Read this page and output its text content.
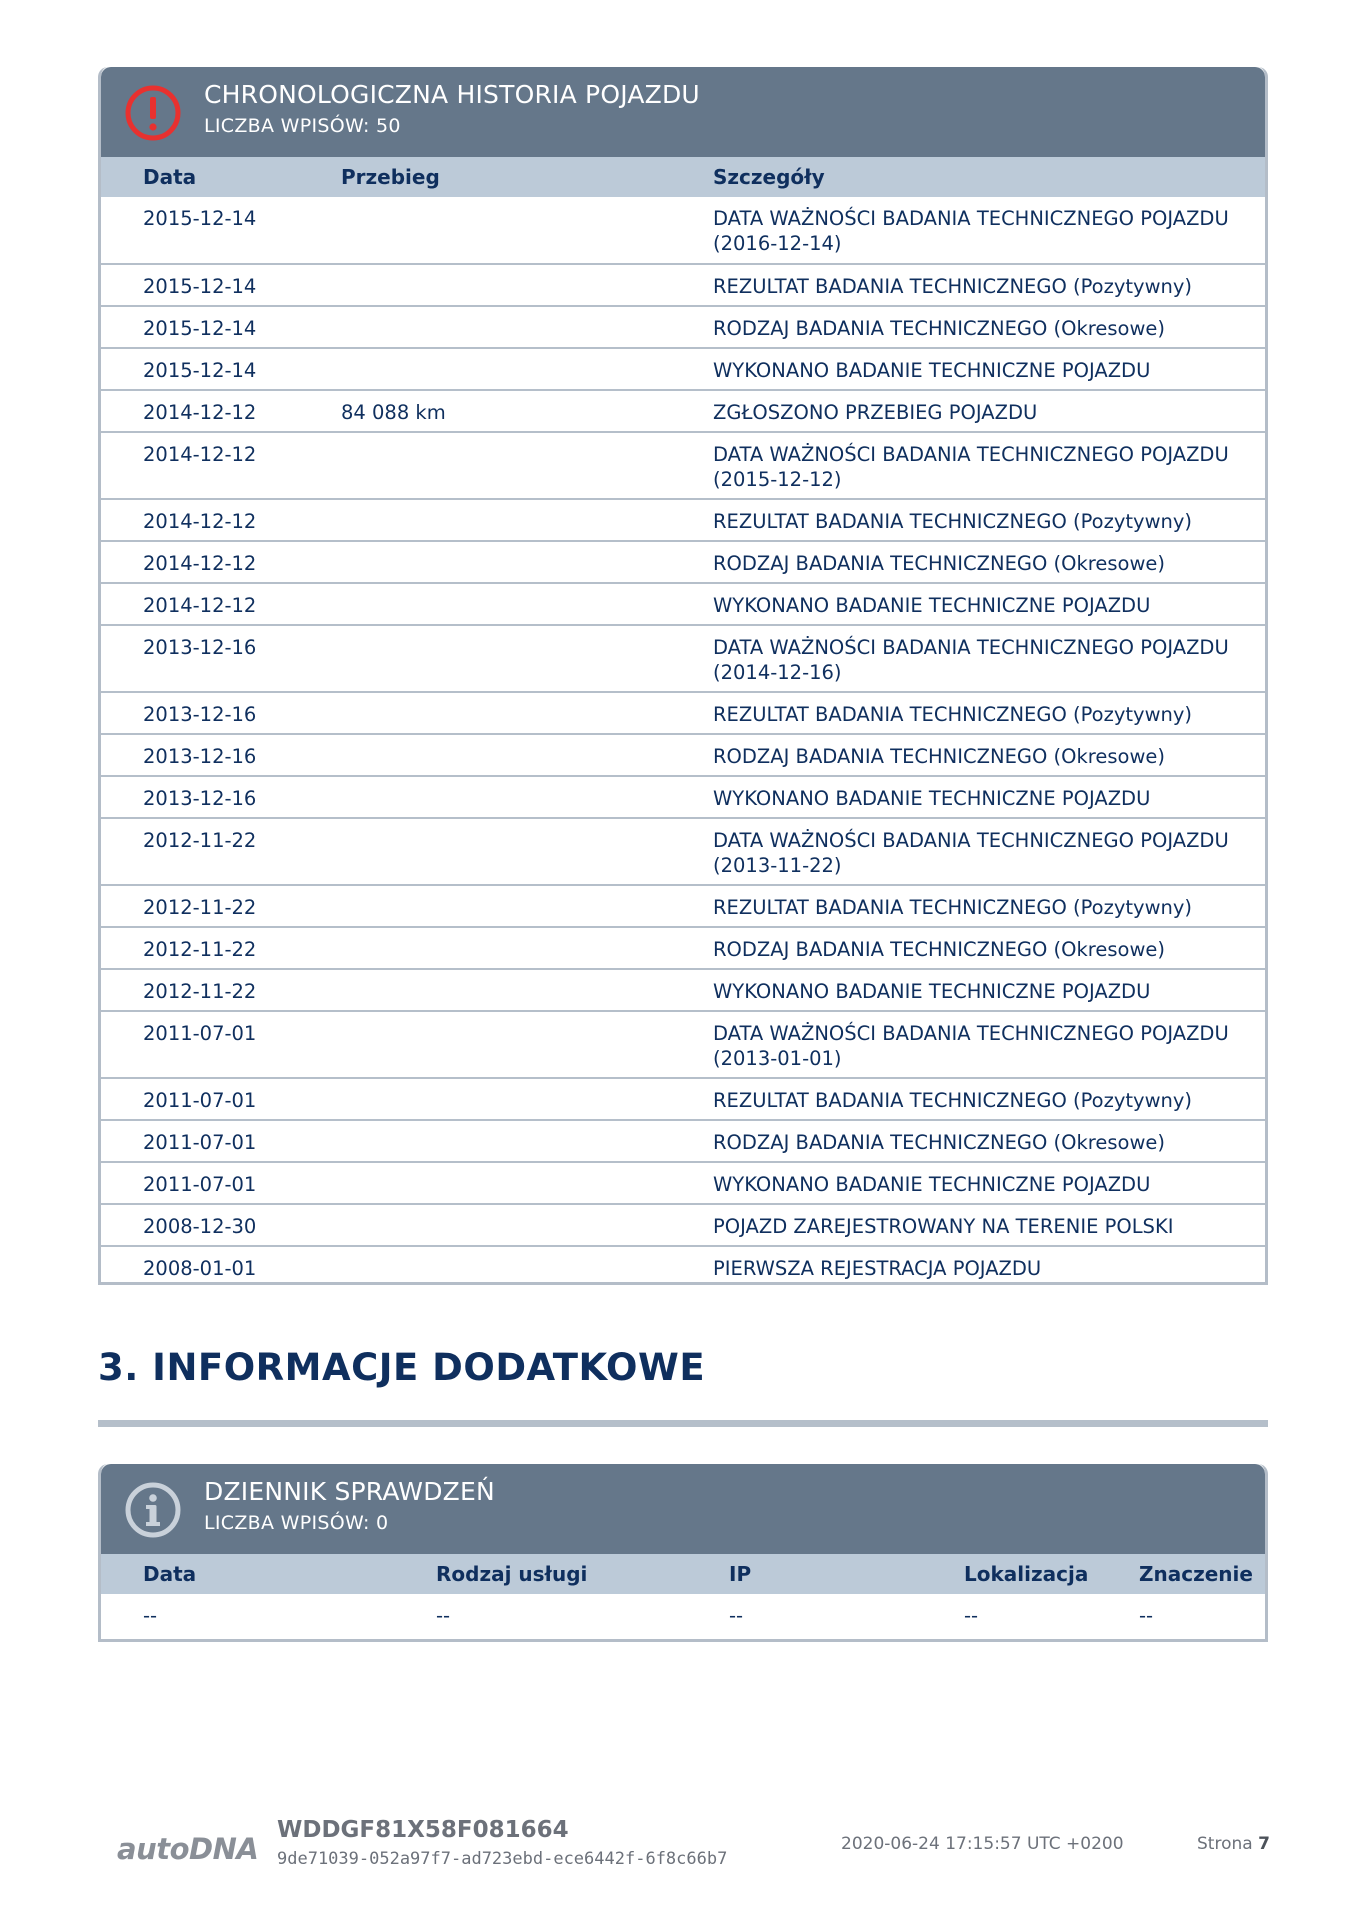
CHRONOLOGICZNA HISTORIA POJAZDU
LICZBA WPISÓW: 50
Data	Przebieg	Szczegóły
2015-12-14		DATA WAŻNOŚCI BADANIA TECHNICZNEGO POJAZDU (2016-12-14)
2015-12-14		REZULTAT BADANIA TECHNICZNEGO (Pozytywny)
2015-12-14		RODZAJ BADANIA TECHNICZNEGO (Okresowe)
2015-12-14		WYKONANO BADANIE TECHNICZNE POJAZDU
2014-12-12	84 088 km	ZGŁOSZONO PRZEBIEG POJAZDU
2014-12-12		DATA WAŻNOŚCI BADANIA TECHNICZNEGO POJAZDU (2015-12-12)
2014-12-12		REZULTAT BADANIA TECHNICZNEGO (Pozytywny)
2014-12-12		RODZAJ BADANIA TECHNICZNEGO (Okresowe)
2014-12-12		WYKONANO BADANIE TECHNICZNE POJAZDU
2013-12-16		DATA WAŻNOŚCI BADANIA TECHNICZNEGO POJAZDU (2014-12-16)
2013-12-16		REZULTAT BADANIA TECHNICZNEGO (Pozytywny)
2013-12-16		RODZAJ BADANIA TECHNICZNEGO (Okresowe)
2013-12-16		WYKONANO BADANIE TECHNICZNE POJAZDU
2012-11-22		DATA WAŻNOŚCI BADANIA TECHNICZNEGO POJAZDU (2013-11-22)
2012-11-22		REZULTAT BADANIA TECHNICZNEGO (Pozytywny)
2012-11-22		RODZAJ BADANIA TECHNICZNEGO (Okresowe)
2012-11-22		WYKONANO BADANIE TECHNICZNE POJAZDU
2011-07-01		DATA WAŻNOŚCI BADANIA TECHNICZNEGO POJAZDU (2013-01-01)
2011-07-01		REZULTAT BADANIA TECHNICZNEGO (Pozytywny)
2011-07-01		RODZAJ BADANIA TECHNICZNEGO (Okresowe)
2011-07-01		WYKONANO BADANIE TECHNICZNE POJAZDU
2008-12-30		POJAZD ZAREJESTROWANY NA TERENIE POLSKI
2008-01-01		PIERWSZA REJESTRACJA POJAZDU
3. INFORMACJE DODATKOWE
DZIENNIK SPRAWDZEŃ
LICZBA WPISÓW: 0
Data	Rodzaj usługi	IP	Lokalizacja	Znaczenie
--	--	--	--	--
autoDNA
WDDGF81X58F081664
9de71039-052a97f7-ad723ebd-ece6442f-6f8c66b7
2020-06-24 17:15:57 UTC +0200	Strona 7
